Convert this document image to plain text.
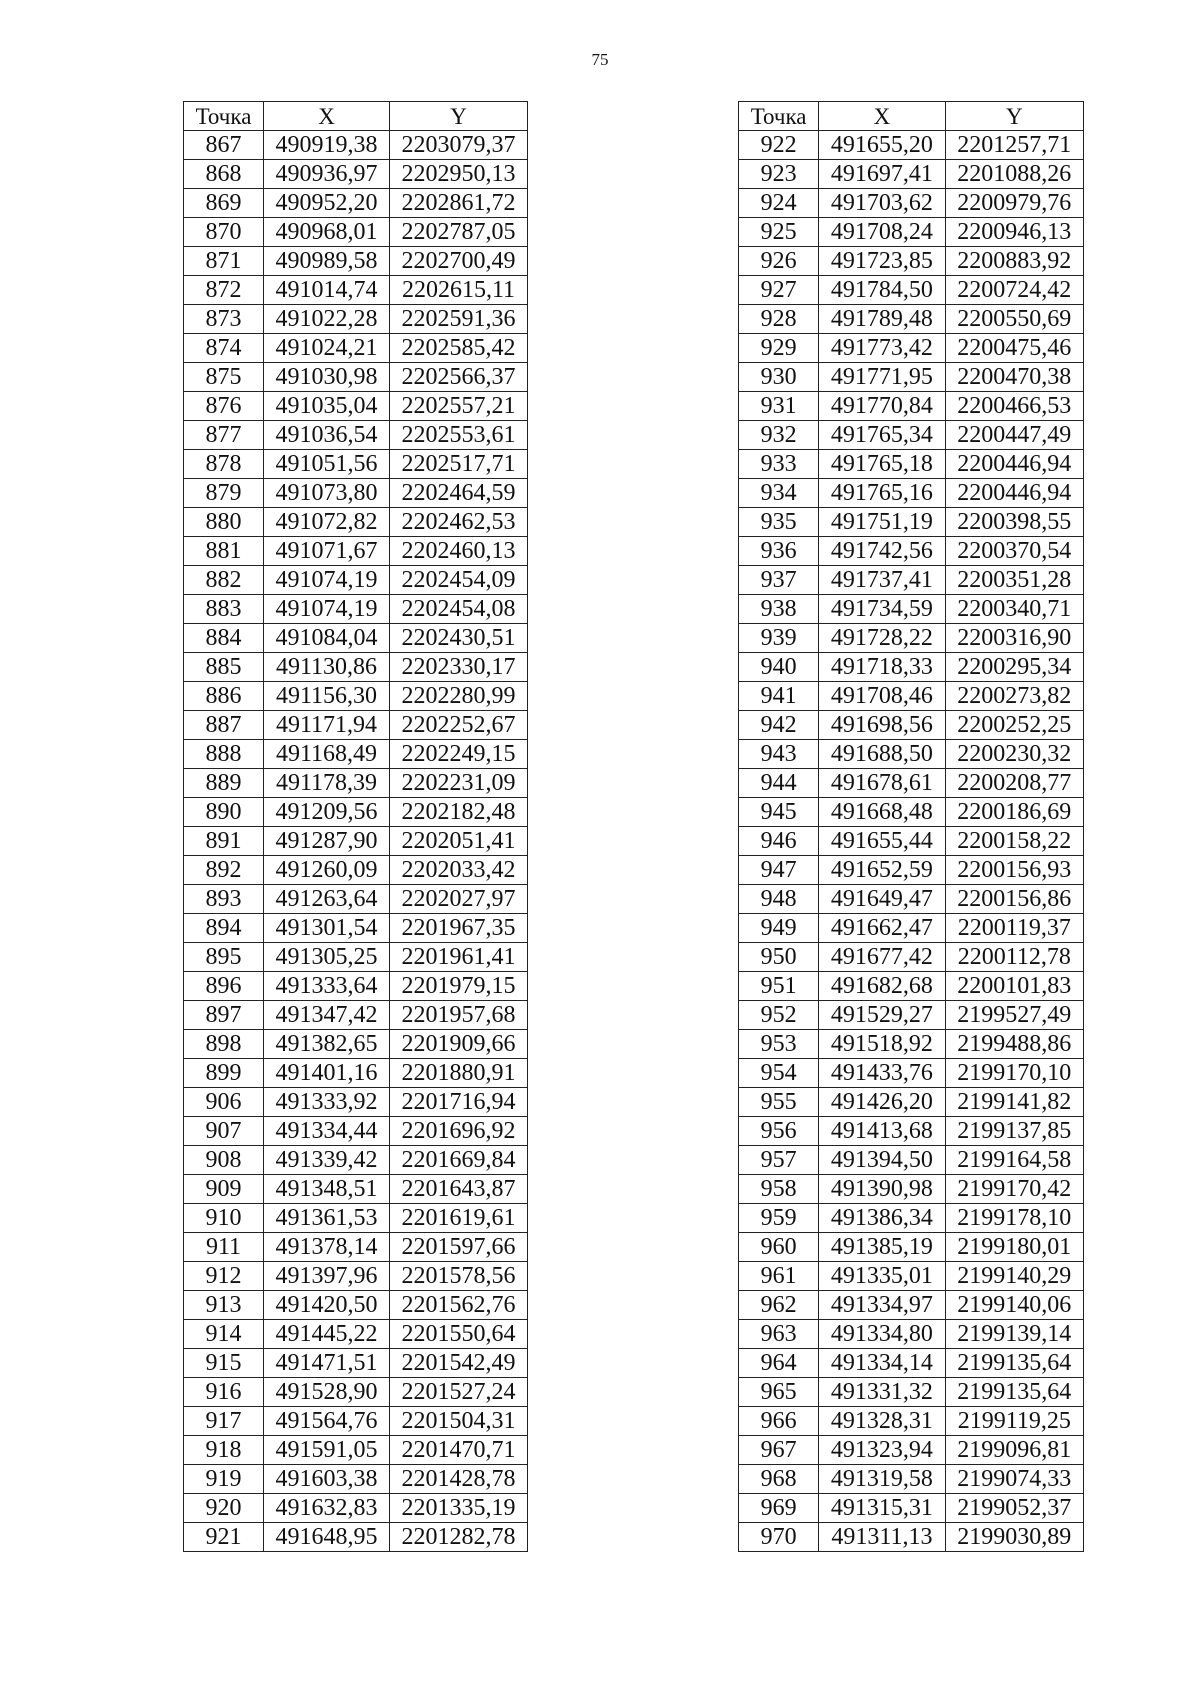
75
Точка	X	Y
867	490919,38	2203079,37
868	490936,97	2202950,13
869	490952,20	2202861,72
870	490968,01	2202787,05
871	490989,58	2202700,49
872	491014,74	2202615,11
873	491022,28	2202591,36
874	491024,21	2202585,42
875	491030,98	2202566,37
876	491035,04	2202557,21
877	491036,54	2202553,61
878	491051,56	2202517,71
879	491073,80	2202464,59
880	491072,82	2202462,53
881	491071,67	2202460,13
882	491074,19	2202454,09
883	491074,19	2202454,08
884	491084,04	2202430,51
885	491130,86	2202330,17
886	491156,30	2202280,99
887	491171,94	2202252,67
888	491168,49	2202249,15
889	491178,39	2202231,09
890	491209,56	2202182,48
891	491287,90	2202051,41
892	491260,09	2202033,42
893	491263,64	2202027,97
894	491301,54	2201967,35
895	491305,25	2201961,41
896	491333,64	2201979,15
897	491347,42	2201957,68
898	491382,65	2201909,66
899	491401,16	2201880,91
906	491333,92	2201716,94
907	491334,44	2201696,92
908	491339,42	2201669,84
909	491348,51	2201643,87
910	491361,53	2201619,61
911	491378,14	2201597,66
912	491397,96	2201578,56
913	491420,50	2201562,76
914	491445,22	2201550,64
915	491471,51	2201542,49
916	491528,90	2201527,24
917	491564,76	2201504,31
918	491591,05	2201470,71
919	491603,38	2201428,78
920	491632,83	2201335,19
921	491648,95	2201282,78
Точка	X	Y
922	491655,20	2201257,71
923	491697,41	2201088,26
924	491703,62	2200979,76
925	491708,24	2200946,13
926	491723,85	2200883,92
927	491784,50	2200724,42
928	491789,48	2200550,69
929	491773,42	2200475,46
930	491771,95	2200470,38
931	491770,84	2200466,53
932	491765,34	2200447,49
933	491765,18	2200446,94
934	491765,16	2200446,94
935	491751,19	2200398,55
936	491742,56	2200370,54
937	491737,41	2200351,28
938	491734,59	2200340,71
939	491728,22	2200316,90
940	491718,33	2200295,34
941	491708,46	2200273,82
942	491698,56	2200252,25
943	491688,50	2200230,32
944	491678,61	2200208,77
945	491668,48	2200186,69
946	491655,44	2200158,22
947	491652,59	2200156,93
948	491649,47	2200156,86
949	491662,47	2200119,37
950	491677,42	2200112,78
951	491682,68	2200101,83
952	491529,27	2199527,49
953	491518,92	2199488,86
954	491433,76	2199170,10
955	491426,20	2199141,82
956	491413,68	2199137,85
957	491394,50	2199164,58
958	491390,98	2199170,42
959	491386,34	2199178,10
960	491385,19	2199180,01
961	491335,01	2199140,29
962	491334,97	2199140,06
963	491334,80	2199139,14
964	491334,14	2199135,64
965	491331,32	2199135,64
966	491328,31	2199119,25
967	491323,94	2199096,81
968	491319,58	2199074,33
969	491315,31	2199052,37
970	491311,13	2199030,89
